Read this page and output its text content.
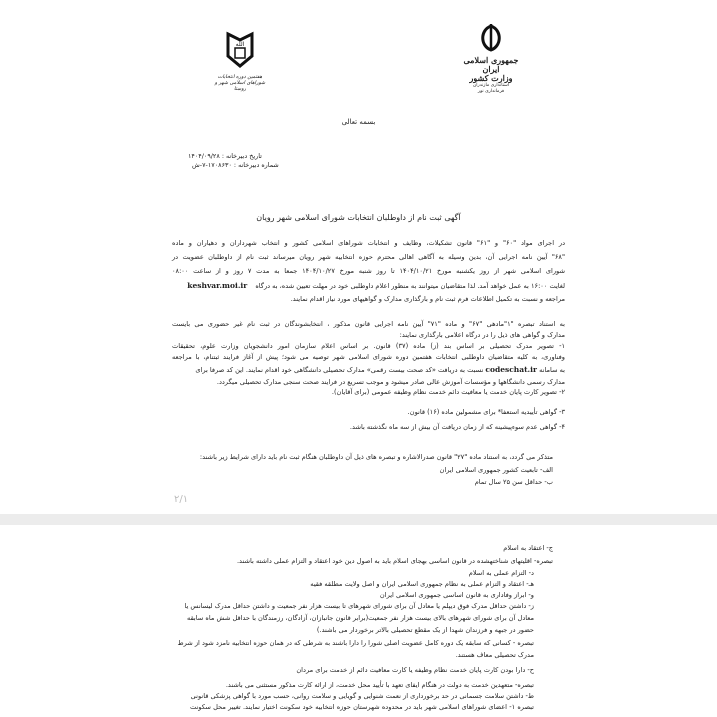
الله
هفتمین دوره انتخابات
شوراهای اسلامی شهر و روستا
جمهوری اسلامی ایران
وزارت کشور
استانداری مازندران
فرمانداری نور
بسمه تعالی
تاریخ دبیرخانه : ۱۴۰۴/۰۹/۲۸
شماره دبیرخانه : ۱۷۰۸۶۳۰-۷-ش
آگهی ثبت نام از داوطلبان انتخابات شورای اسلامی شهر رویان
در اجرای مواد "۶۰" و "۶۱" قانون تشکیلات، وظایف و انتخابات شوراهای اسلامی کشور و انتخاب شهرداران و دهیاران و ماده
"۶۸" آیین نامه اجرایی آن، بدین وسیله به آگاهی اهالی محترم حوزه انتخابیه شهر رویان میرساند ثبت نام از داوطلبان عضویت در
شورای اسلامی شهر از روز یکشنبه مورخ ۱۴۰۴/۱۰/۲۱ تا روز شنبه مورخ ۱۴۰۴/۱۰/۲۷ جمعا به مدت ۷ روز و از ساعت ۰۸:۰۰
لغایت ۱۶:۰۰ به عمل خواهد آمد. لذا متقاضیان میتوانند به منظور اعلام داوطلبی خود در مهلت تعیین شده، به درگاه keshvar.moi.ir
مراجعه و نسبت به تکمیل اطلاعات فرم ثبت نام و بارگذاری مدارک و گواهیهای مورد نیاز اقدام نمایند.
به استناد تبصره "۱"مادهی "۶۷" و ماده "۷۱" آیین نامه اجرایی قانون مذکور ، انتخابشوندگان در ثبت نام غیر حضوری می بایست
مدارک و گواهی های ذیل را در درگاه اعلامی بارگذاری نمایند:
۱- تصویر مدرک تحصیلی بر اساس بند (ز) ماده (۳۷) قانون. بر اساس اعلام سازمان امور دانشجویان وزارت علوم، تحقیقات
وفناوری، به کلیه متقاضیان داوطلبی انتخابات هفتمین دوره شورای اسلامی شهر توصیه می شود؛ پیش از آغاز فرایند ثبتنام، با مراجعه
به سامانه codeschat.ir نسبت به دریافت «کد صحت بیست رقمی» مدارک تحصیلی دانشگاهی خود اقدام نمایند. این کد صرفا برای
مدارک رسمی دانشگاهها و مؤسسات آموزش عالی صادر میشود و موجب تسریع در فرایند صحت سنجی مدارک تحصیلی میگردد.
۲- تصویر کارت پایان خدمت یا معافیت دائم خدمت نظام وظیفه عمومی (برای آقایان).
۳- گواهی تأییدیه استعفا* برای مشمولین ماده (۱۶) قانون.
۴- گواهی عدم سوءپیشینه که از زمان دریافت آن بیش از سه ماه نگذشته باشد.
متذکر می گردد، به استناد ماده "۲۷" قانون صدرالاشاره و تبصره های ذیل آن داوطلبان هنگام ثبت نام باید دارای شرایط زیر باشند:
الف- تابعیت کشور جمهوری اسلامی ایران
ب- حداقل سن ۲۵ سال تمام
۲/۱
ج- اعتقاد به اسلام
تبصره- اقلیتهای شناختهشده در قانون اساسی بهجای اسلام باید به اصول دین خود اعتقاد و التزام عملی داشته باشند.
د- التزام عملی به اسلام
هـ- اعتقاد و التزام عملی به نظام جمهوری اسلامی ایران و اصل ولایت مطلقه فقیه
و- ابراز وفاداری به قانون اساسی جمهوری اسلامی ایران
ز- داشتن حداقل مدرک فوق دیپلم یا معادل آن برای شورای شهرهای تا بیست هزار نفر جمعیت و داشتن حداقل مدرک لیسانس یا
معادل آن برای شورای شهرهای بالای بیست هزار نفر جمعیت(برابر قانون جانبازان، آزادگان، رزمندگان با حداقل شش ماه سابقه
حضور در جبهه و فرزندان شهدا از یک مقطع تحصیلی بالاتر برخوردار می باشند.)
تبصره - کسانی که سابقه یک دوره کامل عضویت اصلی شورا را دارا باشند به شرطی که در همان حوزه انتخابیه نامزد شود از شرط
مدرک تحصیلی معاف هستند.
ح- دارا بودن کارت پایان خدمت نظام وظیفه یا کارت معافیت دائم از خدمت برای مردان
تبصره- متعهدین خدمت به دولت در هنگام ایفای تعهد با تأیید محل خدمت، از ارائه کارت مذکور مستثنی می باشند.
ط- داشتن سلامت جسمانی در حد برخورداری از نعمت شنوایی و گویایی و سلامت روانی، حسب مورد با گواهی پزشکی قانونی
تبصره ۱- اعضای شوراهای اسلامی شهر باید در محدوده شهرستان حوزه انتخابیه خود سکونت اختیار نمایند. تغییر محل سکونت
